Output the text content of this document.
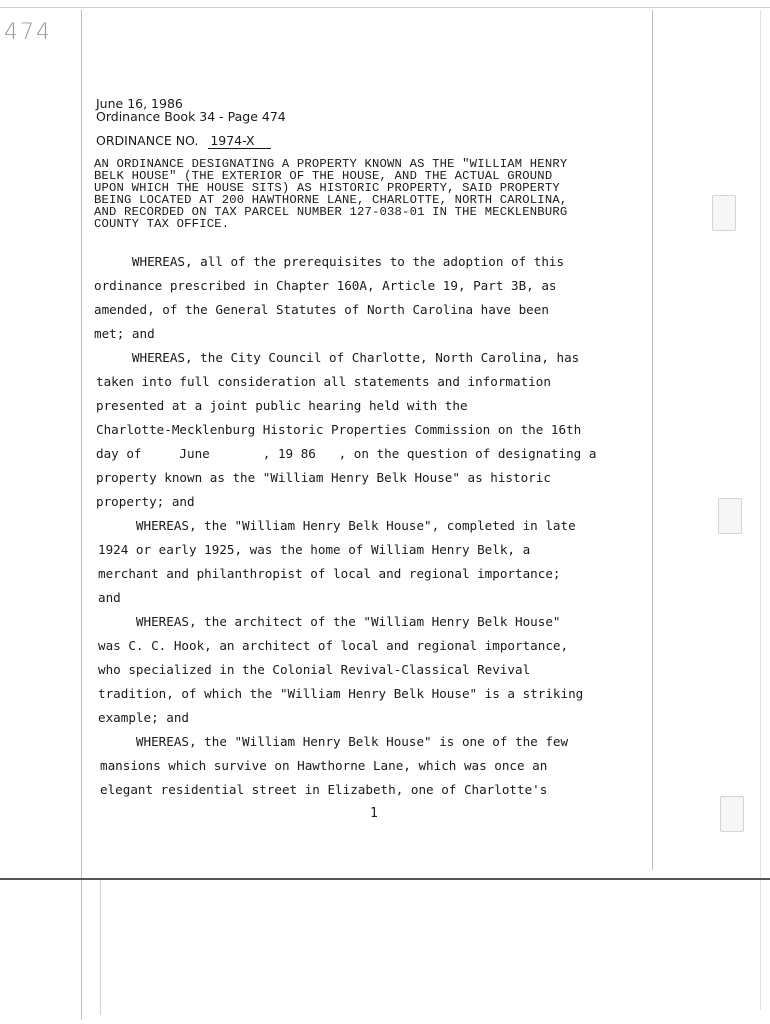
474
June 16, 1986
Ordinance Book 34 - Page 474
ORDINANCE NO. 1974-X
AN ORDINANCE DESIGNATING A PROPERTY KNOWN AS THE "WILLIAM HENRY
BELK HOUSE" (THE EXTERIOR OF THE HOUSE, AND THE ACTUAL GROUND
UPON WHICH THE HOUSE SITS) AS HISTORIC PROPERTY, SAID PROPERTY
BEING LOCATED AT 200 HAWTHORNE LANE, CHARLOTTE, NORTH CAROLINA,
AND RECORDED ON TAX PARCEL NUMBER 127-038-01 IN THE MECKLENBURG
COUNTY TAX OFFICE.
WHEREAS, all of the prerequisites to the adoption of this
ordinance prescribed in Chapter 160A, Article 19, Part 3B, as
amended, of the General Statutes of North Carolina have been
met; and
WHEREAS, the City Council of Charlotte, North Carolina, has
taken into full consideration all statements and information
presented at a joint public hearing held with the
Charlotte-Mecklenburg Historic Properties Commission on the 16th
day of     June       , 19 86   , on the question of designating a
property known as the "William Henry Belk House" as historic
property; and
WHEREAS, the "William Henry Belk House", completed in late
1924 or early 1925, was the home of William Henry Belk, a
merchant and philanthropist of local and regional importance;
and
WHEREAS, the architect of the "William Henry Belk House"
was C. C. Hook, an architect of local and regional importance,
who specialized in the Colonial Revival-Classical Revival
tradition, of which the "William Henry Belk House" is a striking
example; and
WHEREAS, the "William Henry Belk House" is one of the few
mansions which survive on Hawthorne Lane, which was once an
elegant residential street in Elizabeth, one of Charlotte's
1
